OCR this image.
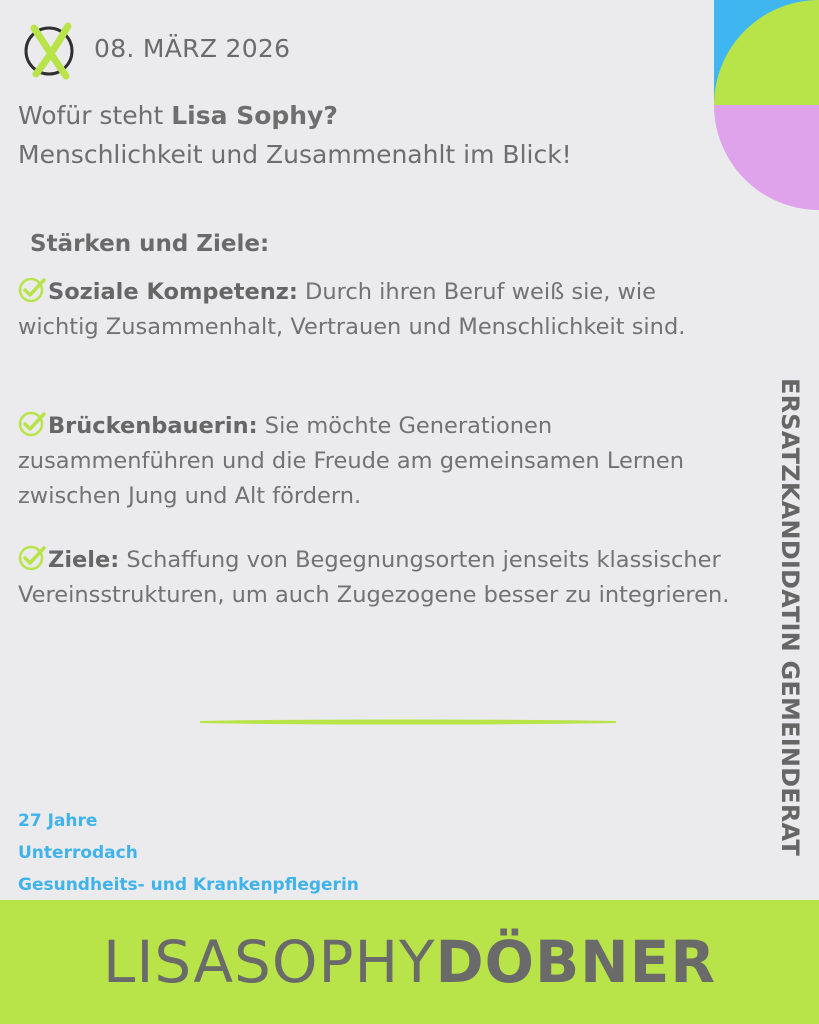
08. MÄRZ 2026
Wofür steht Lisa Sophy?
Menschlichkeit und Zusammenahlt im Blick!
Stärken und Ziele:
Soziale Kompetenz: Durch ihren Beruf weiß sie, wie wichtig Zusammenhalt, Vertrauen und Menschlichkeit sind.
Brückenbauerin: Sie möchte Generationen zusammenführen und die Freude am gemeinsamen Lernen zwischen Jung und Alt fördern.
Ziele: Schaffung von Begegnungsorten jenseits klassischer Vereinsstrukturen, um auch Zugezogene besser zu integrieren. ERSATZKANDIDATIN GEMEINDERAT
27 Jahre
Unterrodach
Gesundheits- und Krankenpflegerin
LISASOPHY DÖBNER
